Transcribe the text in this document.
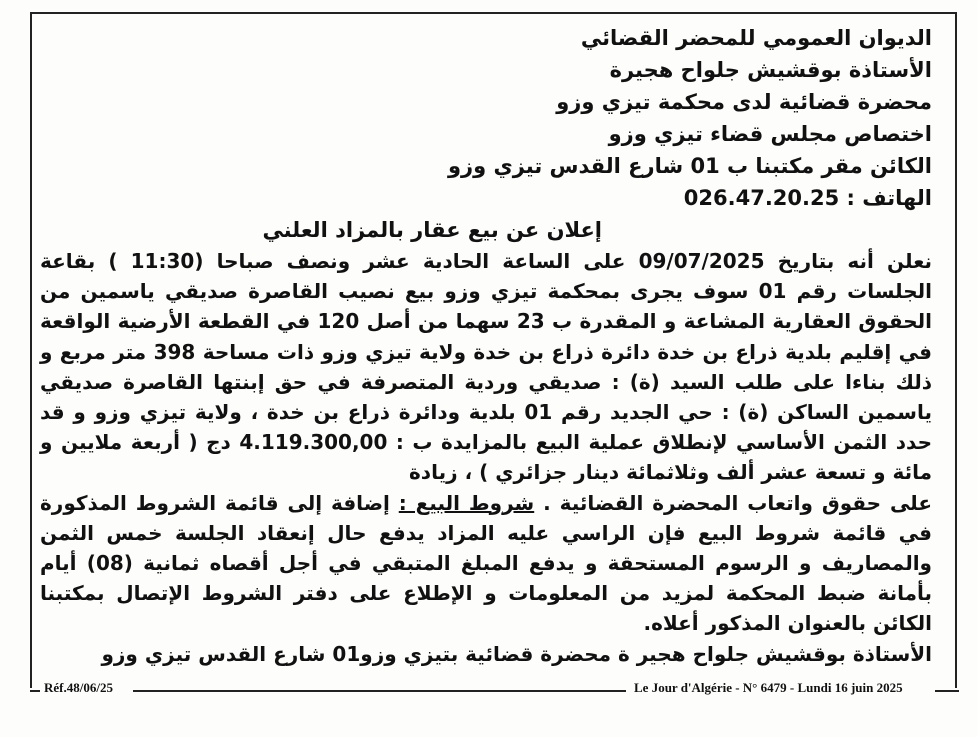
الديوان العمومي للمحضر القضائي
الأستاذة بوقشيش جلواح هجيرة
محضرة قضائية لدى محكمة تيزي وزو
اختصاص مجلس قضاء تيزي وزو
الكائن مقر مكتبنا ب 01 شارع القدس تيزي وزو
الهاتف : 026.47.20.25
إعلان عن بيع عقار بالمزاد العلني

نعلن أنه بتاريخ 09/07/2025 على الساعة الحادية عشر ونصف صباحا (11:30 ) بقاعة الجلسات رقم 01 سوف يجرى بمحكمة تيزي وزو بيع نصيب القاصرة صديقي ياسمين من الحقوق العقارية المشاعة و المقدرة ب 23 سهما من أصل 120 في القطعة الأرضية الواقعة في إقليم بلدية ذراع بن خدة دائرة ذراع بن خدة ولاية تيزي وزو ذات مساحة 398 متر مربع و ذلك بناءا على طلب السيد (ة) : صديقي وردية المتصرفة في حق إبنتها القاصرة صديقي ياسمين الساكن (ة) : حي الجديد رقم 01 بلدية ودائرة ذراع بن خدة ، ولاية تيزي وزو و قد حدد الثمن الأساسي لإنطلاق عملية البيع بالمزايدة ب : 4.119.300,00 دج ( أربعة ملايين و مائة و تسعة عشر ألف وثلاثمائة دينار جزائري ) ، زيادة

على حقوق واتعاب المحضرة القضائية . شروط البيع : إضافة إلى قائمة الشروط المذكورة في قائمة شروط البيع فإن الراسي عليه المزاد يدفع حال إنعقاد الجلسة خمس الثمن والمصاريف و الرسوم المستحقة و يدفع المبلغ المتبقي في أجل أقصاه ثمانية (08) أيام بأمانة ضبط المحكمة لمزيد من المعلومات و الإطلاع على دفتر الشروط الإتصال بمكتبنا الكائن بالعنوان المذكور أعلاه.

الأستاذة بوقشيش جلواح هجير ة محضرة قضائية بتيزي وزو01 شارع القدس تيزي وزو

Réf.48/06/25	Le Jour d'Algérie - N° 6479 - Lundi 16 juin 2025
